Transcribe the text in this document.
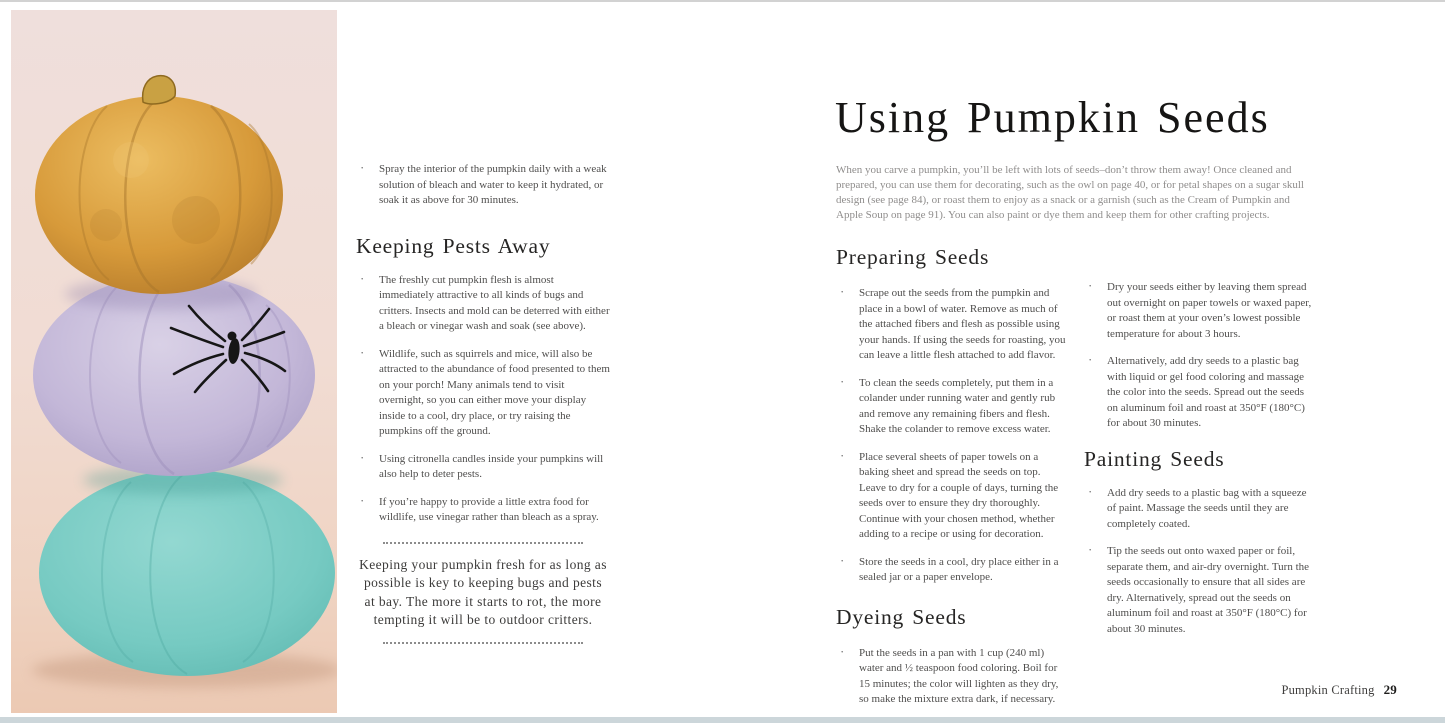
·

Spray the interior of the pumpkin daily with a weak solution of bleach and water to keep it hydrated, or soak it as above for 30 minutes.

Keeping Pests Away
·

The freshly cut pumpkin flesh is almost immediately attractive to all kinds of bugs and critters. Insects and mold can be deterred with either a bleach or vinegar wash and soak (see above).

·

Wildlife, such as squirrels and mice, will also be attracted to the abundance of food presented to them on your porch! Many animals tend to visit overnight, so you can either move your display inside to a cool, dry place, or try raising the pumpkins off the ground.

·

Using citronella candles inside your pumpkins will also help to deter pests.

·

If you’re happy to provide a little extra food for wildlife, use vinegar rather than bleach as a spray.

Keeping your pumpkin fresh for as long as possible is key to keeping bugs and pests at bay. The more it starts to rot, the more tempting it will be to outdoor critters.

Using Pumpkin Seeds

When you carve a pumpkin, you’ll be left with lots of seeds–don’t throw them away! Once cleaned and prepared, you can use them for decorating, such as the owl on page 40, or for petal shapes on a sugar skull design (see page 84), or roast them to enjoy as a snack or a garnish (such as the Cream of Pumpkin and Apple Soup on page 91). You can also paint or dye them and keep them for other crafting projects.

Preparing Seeds
·

Scrape out the seeds from the pumpkin and place in a bowl of water. Remove as much of the attached fibers and flesh as possible using your hands. If using the seeds for roasting, you can leave a little flesh attached to add flavor.

·

To clean the seeds completely, put them in a colander under running water and gently rub and remove any remaining fibers and flesh. Shake the colander to remove excess water.

·

Place several sheets of paper towels on a baking sheet and spread the seeds on top. Leave to dry for a couple of days, turning the seeds over to ensure they dry thoroughly. Continue with your chosen method, whether adding to a recipe or using for decoration.

·

Store the seeds in a cool, dry place either in a sealed jar or a paper envelope.

Dyeing Seeds
·

Put the seeds in a pan with 1 cup (240 ml) water and ½ teaspoon food coloring. Boil for 15 minutes; the color will lighten as they dry, so make the mixture extra dark, if necessary.

·

Dry your seeds either by leaving them spread out overnight on paper towels or waxed paper, or roast them at your oven’s lowest possible temperature for about 3 hours.

·

Alternatively, add dry seeds to a plastic bag with liquid or gel food coloring and massage the color into the seeds. Spread out the seeds on aluminum foil and roast at 350°F (180°C) for about 30 minutes.

Painting Seeds
·

Add dry seeds to a plastic bag with a squeeze of paint. Massage the seeds until they are completely coated.

·

Tip the seeds out onto waxed paper or foil, separate them, and air-dry overnight. Turn the seeds occasionally to ensure that all sides are dry. Alternatively, spread out the seeds on aluminum foil and roast at 350°F (180°C) for about 30 minutes.

Pumpkin Crafting 29
